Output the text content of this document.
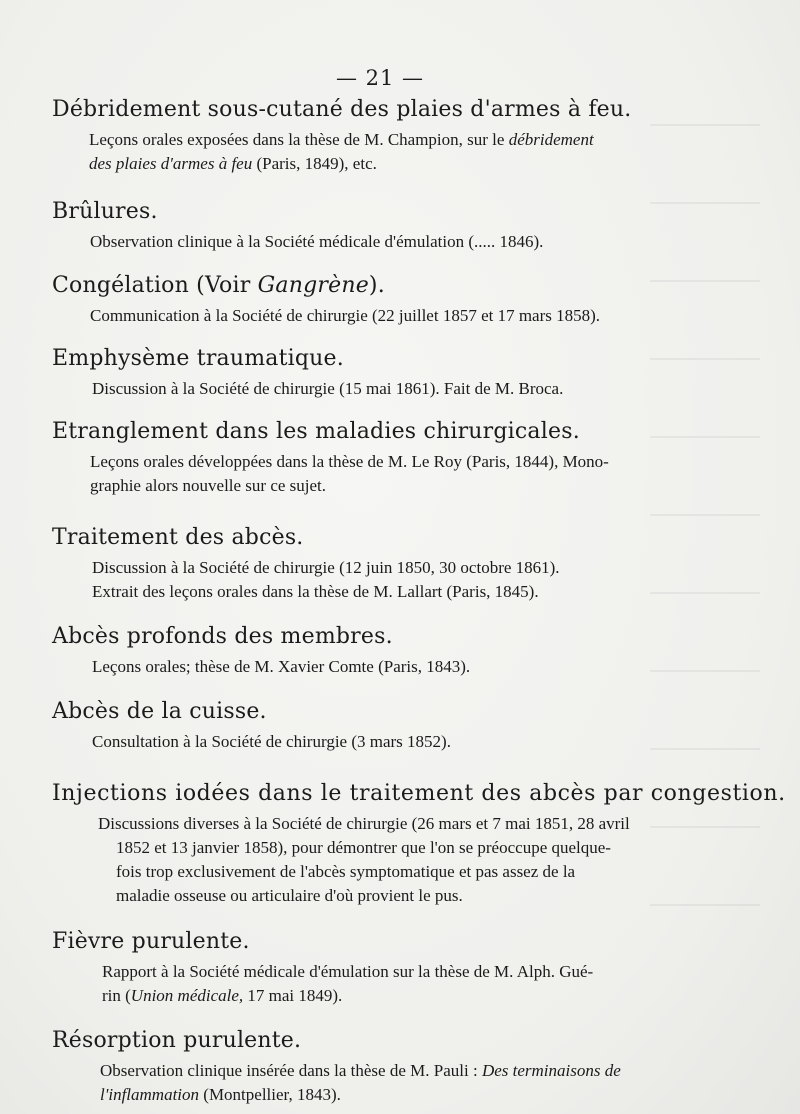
— 21 —
Débridement sous-cutané des plaies d'armes à feu.
Leçons orales exposées dans la thèse de M. Champion, sur le débridement
des plaies d'armes à feu (Paris, 1849), etc.
Brûlures.
Observation clinique à la Société médicale d'émulation (..... 1846).
Congélation (Voir Gangrène).
Communication à la Société de chirurgie (22 juillet 1857 et 17 mars 1858).
Emphysème traumatique.
Discussion à la Société de chirurgie (15 mai 1861). Fait de M. Broca.
Etranglement dans les maladies chirurgicales.
Leçons orales développées dans la thèse de M. Le Roy (Paris, 1844), Mono-
graphie alors nouvelle sur ce sujet.
Traitement des abcès.
Discussion à la Société de chirurgie (12 juin 1850, 30 octobre 1861).
Extrait des leçons orales dans la thèse de M. Lallart (Paris, 1845).
Abcès profonds des membres.
Leçons orales; thèse de M. Xavier Comte (Paris, 1843).
Abcès de la cuisse.
Consultation à la Société de chirurgie (3 mars 1852).
Injections iodées dans le traitement des abcès par congestion.
Discussions diverses à la Société de chirurgie (26 mars et 7 mai 1851, 28 avril
1852 et 13 janvier 1858), pour démontrer que l'on se préoccupe quelque-
fois trop exclusivement de l'abcès symptomatique et pas assez de la
maladie osseuse ou articulaire d'où provient le pus.
Fièvre purulente.
Rapport à la Société médicale d'émulation sur la thèse de M. Alph. Gué-
rin (Union médicale, 17 mai 1849).
Résorption purulente.
Observation clinique insérée dans la thèse de M. Pauli : Des terminaisons de
l'inflammation (Montpellier, 1843).
